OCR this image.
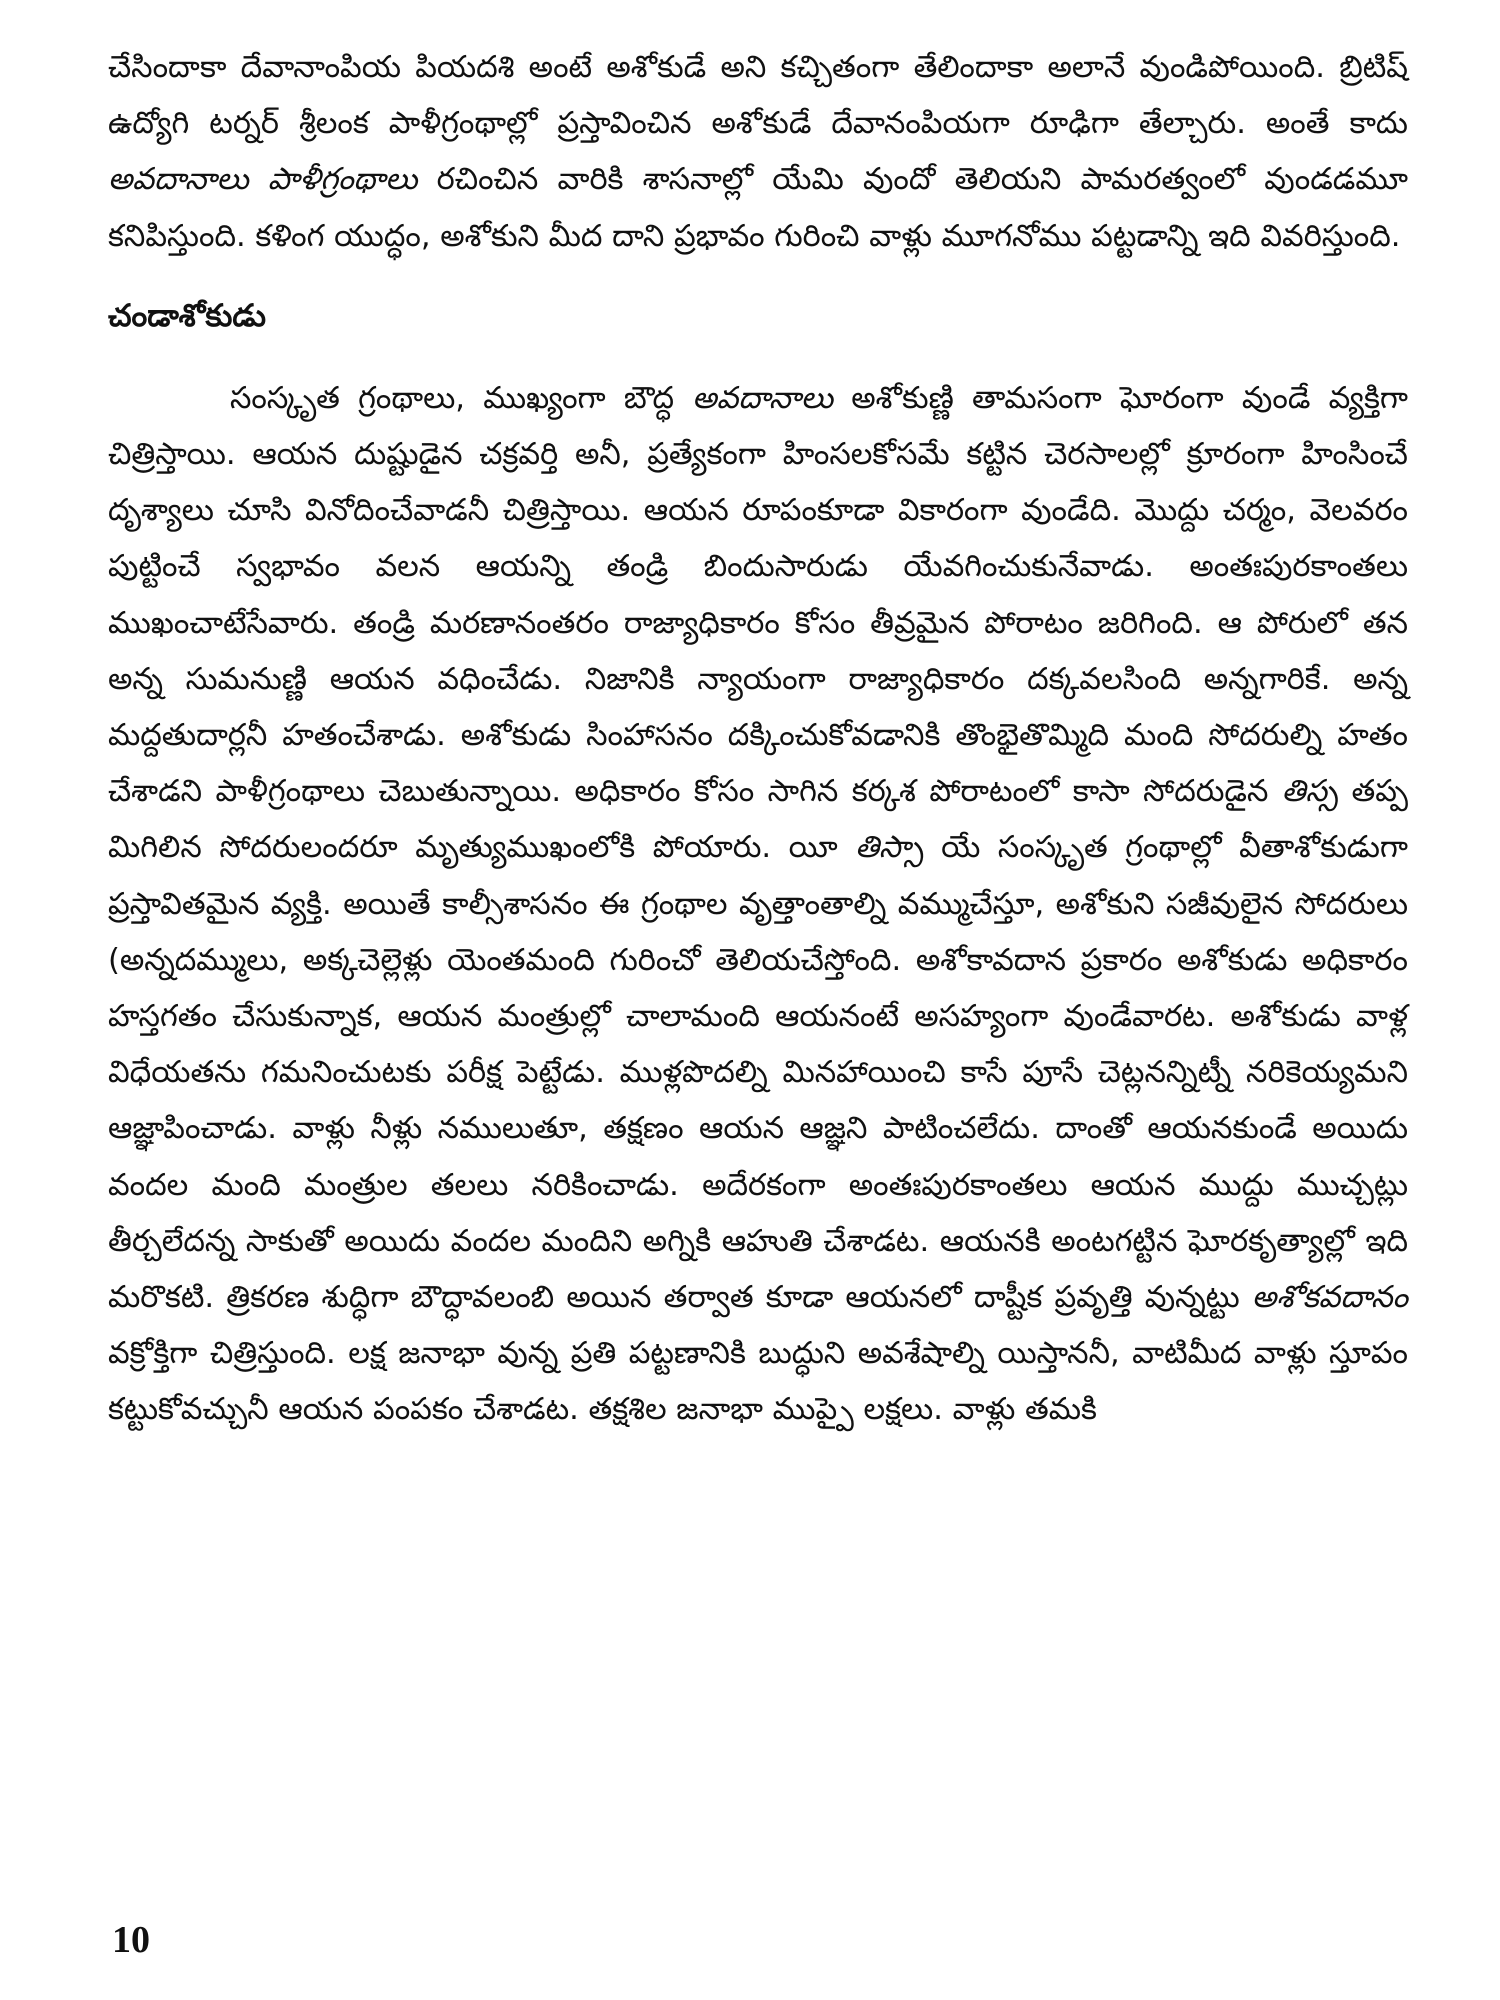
చేసిందాకా దేవానాంపియ పియదశి అంటే అశోకుడే అని కచ్చితంగా తేలిందాకా అలానే వుండిపోయింది. బ్రిటిష్ ఉద్యోగి టర్నర్ శ్రీలంక పాళీగ్రంథాల్లో ప్రస్తావించిన అశోకుడే దేవానంపియగా రూఢిగా తేల్చారు. అంతే కాదు అవదానాలు పాళీగ్రంథాలు రచించిన వారికి శాసనాల్లో యేమి వుందో తెలియని పామరత్వంలో వుండడమూ కనిపిస్తుంది. కళింగ యుద్ధం, అశోకుని మీద దాని ప్రభావం గురించి వాళ్లు మూగనోము పట్టడాన్ని ఇది వివరిస్తుంది.

చండాశోకుడు

సంస్కృత గ్రంథాలు, ముఖ్యంగా బౌద్ధ అవదానాలు అశోకుణ్ణి తామసంగా ఘోరంగా వుండే వ్యక్తిగా చిత్రిస్తాయి. ఆయన దుష్టుడైన చక్రవర్తి అనీ, ప్రత్యేకంగా హింసలకోసమే కట్టిన చెరసాలల్లో క్రూరంగా హింసించే దృశ్యాలు చూసి వినోదించేవాడనీ చిత్రిస్తాయి. ఆయన రూపంకూడా వికారంగా వుండేది. మొద్దు చర్మం, వెలవరం పుట్టించే స్వభావం వలన ఆయన్ని తండ్రి బిందుసారుడు యేవగించుకునేవాడు. అంతఃపురకాంతలు ముఖంచాటేసేవారు. తండ్రి మరణానంతరం రాజ్యాధికారం కోసం తీవ్రమైన పోరాటం జరిగింది. ఆ పోరులో తన అన్న సుమనుణ్ణి ఆయన వధించేడు. నిజానికి న్యాయంగా రాజ్యాధికారం దక్కవలసింది అన్నగారికే. అన్న మద్దతుదార్లనీ హతంచేశాడు. అశోకుడు సింహాసనం దక్కించుకోవడానికి తొంభైతొమ్మిది మంది సోదరుల్ని హతం చేశాడని పాళీగ్రంథాలు చెబుతున్నాయి. అధికారం కోసం సాగిన కర్కశ పోరాటంలో కాసా సోదరుడైన తిస్స తప్ప మిగిలిన సోదరులందరూ మృత్యుముఖంలోకి పోయారు. యీ తిస్సా యే సంస్కృత గ్రంథాల్లో వీతాశోకుడుగా ప్రస్తావితమైన వ్యక్తి. అయితే కాల్సీశాసనం ఈ గ్రంథాల వృత్తాంతాల్ని వమ్ముచేస్తూ, అశోకుని సజీవులైన సోదరులు (అన్నదమ్ములు, అక్కచెల్లెళ్లు యెంతమంది గురించో తెలియచేస్తోంది. అశోకావదాన ప్రకారం అశోకుడు అధికారం హస్తగతం చేసుకున్నాక, ఆయన మంత్రుల్లో చాలామంది ఆయనంటే అసహ్యంగా వుండేవారట. అశోకుడు వాళ్ల విధేయతను గమనించుటకు పరీక్ష పెట్టేడు. ముళ్లపొదల్ని మినహాయించి కాసే పూసే చెట్లనన్నిట్నీ నరికెయ్యమని ఆజ్ఞాపించాడు. వాళ్లు నీళ్లు నములుతూ, తక్షణం ఆయన ఆజ్ఞని పాటించలేదు. దాంతో ఆయనకుండే అయిదు వందల మంది మంత్రుల తలలు నరికించాడు. అదేరకంగా అంతఃపురకాంతలు ఆయన ముద్దు ముచ్చట్లు తీర్చలేదన్న సాకుతో అయిదు వందల మందిని అగ్నికి ఆహుతి చేశాడట. ఆయనకి అంటగట్టిన ఘోరకృత్యాల్లో ఇది మరొకటి. త్రికరణ శుద్ధిగా బౌద్ధావలంబి అయిన తర్వాత కూడా ఆయనలో దాష్టీక ప్రవృత్తి వున్నట్టు అశోకవదానం వక్రోక్తిగా చిత్రిస్తుంది. లక్ష జనాభా వున్న ప్రతి పట్టణానికి బుద్ధుని అవశేషాల్ని యిస్తాననీ, వాటిమీద వాళ్లు స్తూపం కట్టుకోవచ్చునీ ఆయన పంపకం చేశాడట. తక్షశిల జనాభా ముప్పై లక్షలు. వాళ్లు తమకి

10
